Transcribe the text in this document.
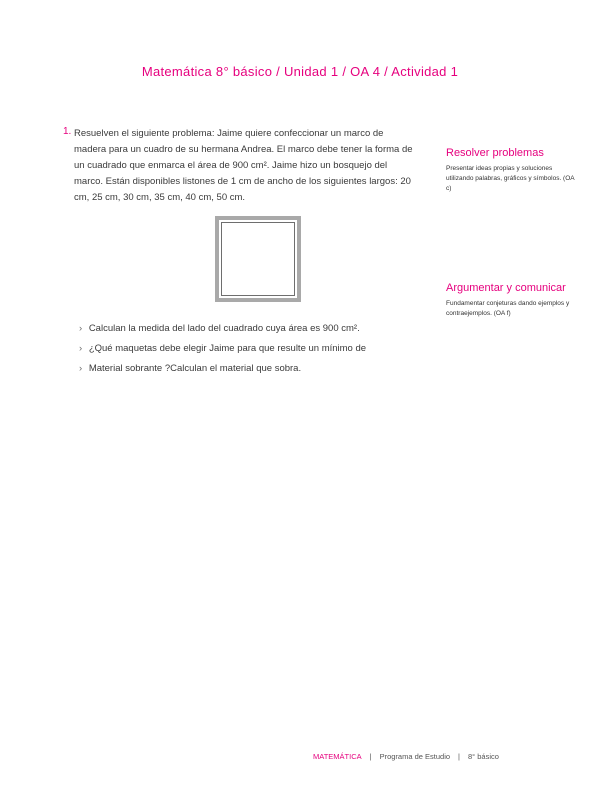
Matemática 8° básico / Unidad 1 / OA 4 / Actividad 1
1. Resuelven el siguiente problema: Jaime quiere confeccionar un marco de madera para un cuadro de su hermana Andrea. El marco debe tener la forma de un cuadrado que enmarca el área de 900 cm². Jaime hizo un bosquejo del marco. Están disponibles listones de 1 cm de ancho de los siguientes largos: 20 cm, 25 cm, 30 cm, 35 cm, 40 cm, 50 cm.

› Calculan la medida del lado del cuadrado cuya área es 900 cm².
› ¿Qué maquetas debe elegir Jaime para que resulte un mínimo de
› Material sobrante ?Calculan el material que sobra.
Resolver problemas
Presentar ideas propias y soluciones utilizando palabras, gráficos y símbolos. (OA c)
Argumentar y comunicar
Fundamentar conjeturas dando ejemplos y contraejemplos. (OA f)
MATEMÁTICA | Programa de Estudio | 8° básico
